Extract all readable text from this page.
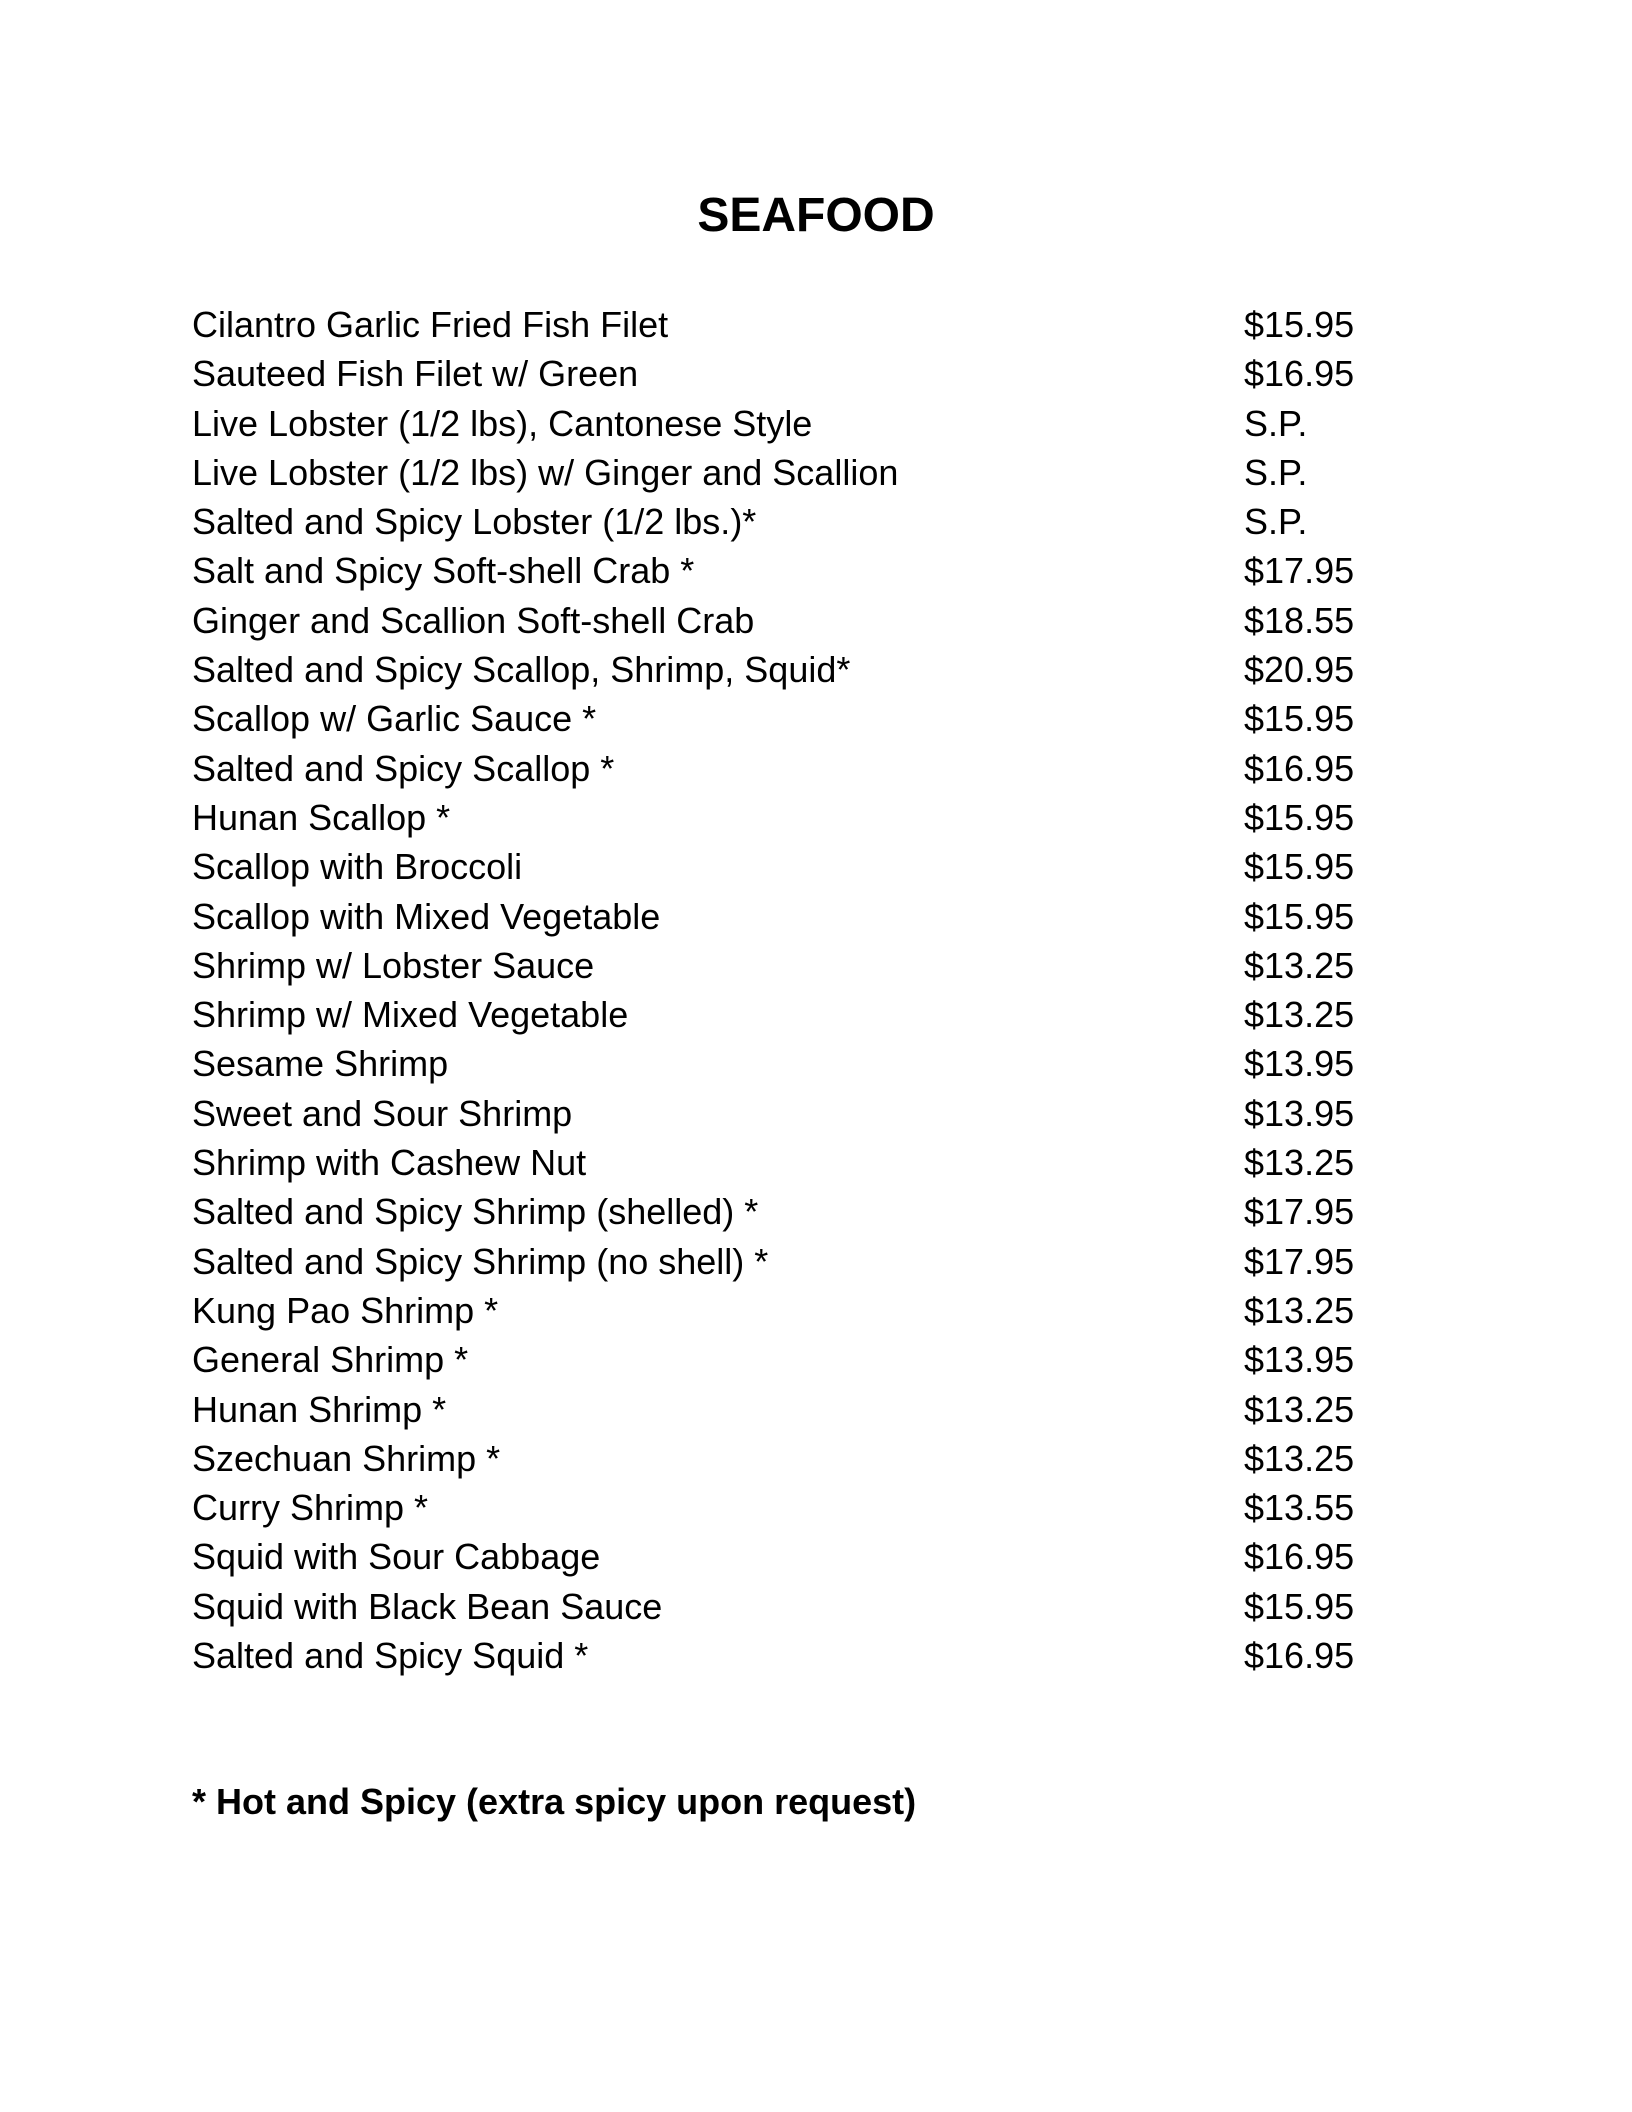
SEAFOOD
Cilantro Garlic Fried Fish Filet	$15.95
Sauteed Fish Filet w/ Green	$16.95
Live Lobster (1/2 lbs), Cantonese Style	S.P.
Live Lobster (1/2 lbs) w/ Ginger and Scallion	S.P.
Salted and Spicy Lobster (1/2 lbs.)*	S.P.
Salt and Spicy Soft-shell Crab *	$17.95
Ginger and Scallion Soft-shell Crab	$18.55
Salted and Spicy Scallop, Shrimp, Squid*	$20.95
Scallop w/ Garlic Sauce *	$15.95
Salted and Spicy Scallop *	$16.95
Hunan Scallop *	$15.95
Scallop with Broccoli	$15.95
Scallop with Mixed Vegetable	$15.95
Shrimp w/ Lobster Sauce	$13.25
Shrimp w/ Mixed Vegetable	$13.25
Sesame Shrimp	$13.95
Sweet and Sour Shrimp	$13.95
Shrimp with Cashew Nut	$13.25
Salted and Spicy Shrimp (shelled) *	$17.95
Salted and Spicy Shrimp (no shell) *	$17.95
Kung Pao Shrimp *	$13.25
General Shrimp *	$13.95
Hunan Shrimp *	$13.25
Szechuan Shrimp *	$13.25
Curry Shrimp *	$13.55
Squid with Sour Cabbage	$16.95
Squid with Black Bean Sauce	$15.95
Salted and Spicy Squid *	$16.95

* Hot and Spicy (extra spicy upon request)
